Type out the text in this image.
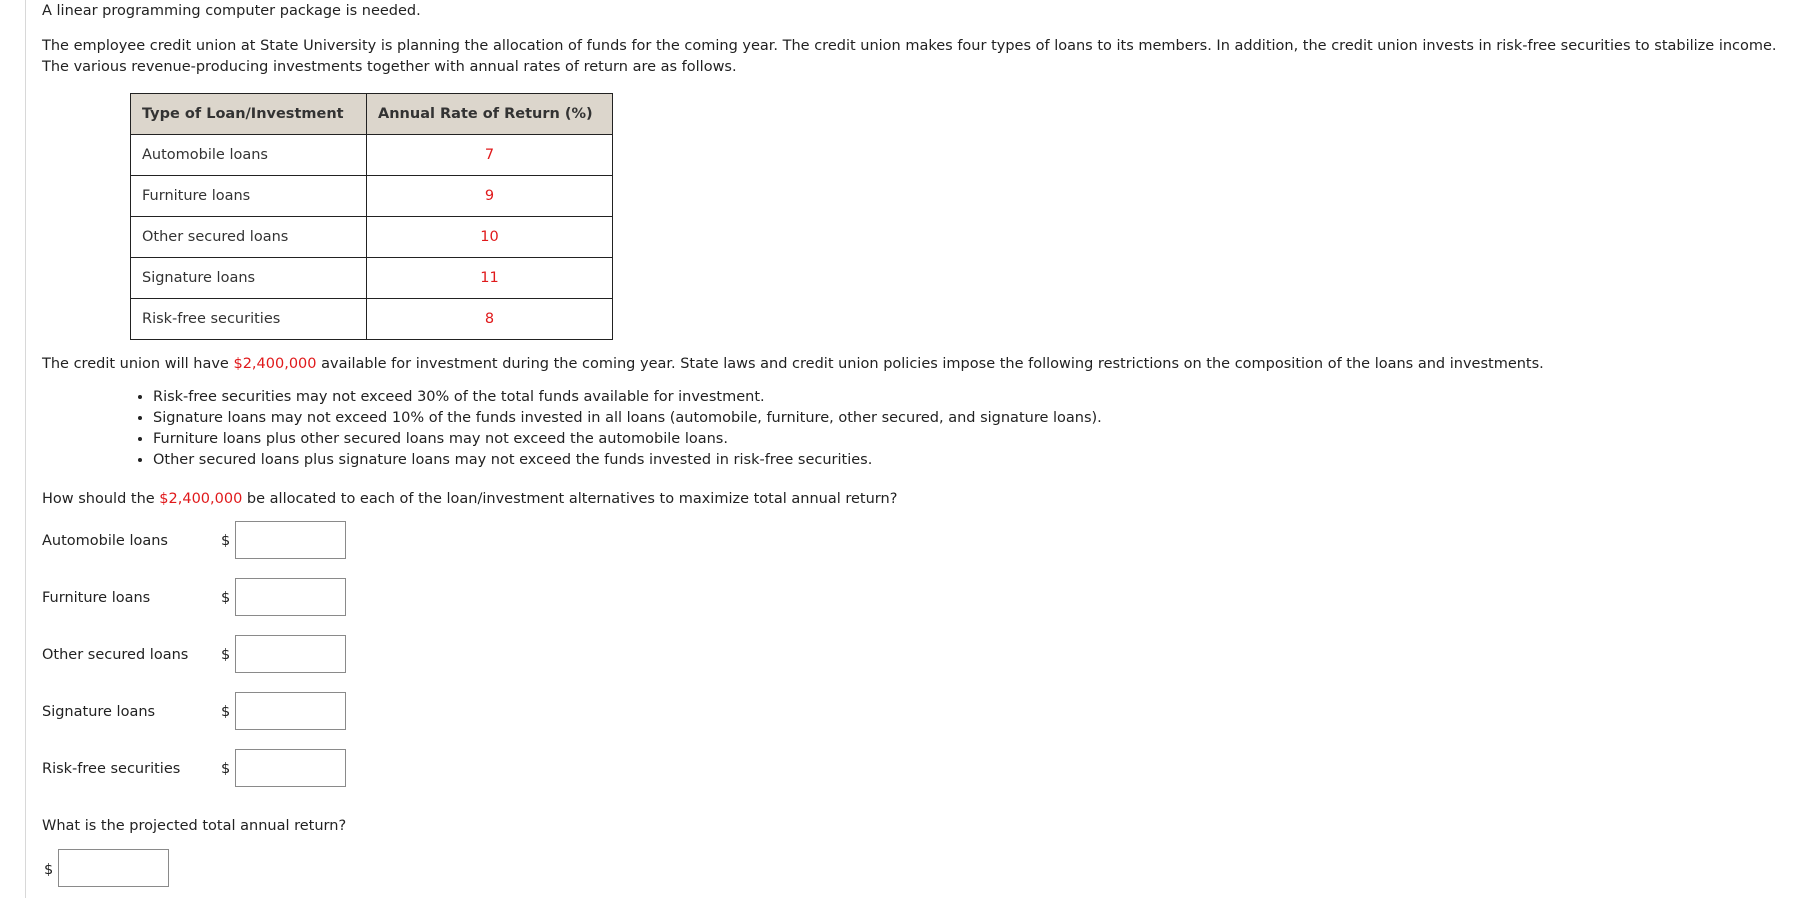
A linear programming computer package is needed.
The employee credit union at State University is planning the allocation of funds for the coming year. The credit union makes four types of loans to its members. In addition, the credit union invests in risk-free securities to stabilize income.
The various revenue-producing investments together with annual rates of return are as follows.
Type of Loan/Investment	Annual Rate of Return (%)
Automobile loans	7
Furniture loans	9
Other secured loans	10
Signature loans	11
Risk-free securities	8
The credit union will have $2,400,000 available for investment during the coming year. State laws and credit union policies impose the following restrictions on the composition of the loans and investments.
• Risk-free securities may not exceed 30% of the total funds available for investment.
• Signature loans may not exceed 10% of the funds invested in all loans (automobile, furniture, other secured, and signature loans).
• Furniture loans plus other secured loans may not exceed the automobile loans.
• Other secured loans plus signature loans may not exceed the funds invested in risk-free securities.
How should the $2,400,000 be allocated to each of the loan/investment alternatives to maximize total annual return?
Automobile loans	$
Furniture loans	$
Other secured loans $
Signature loans	$
Risk-free securities	$
What is the projected total annual return?
$
